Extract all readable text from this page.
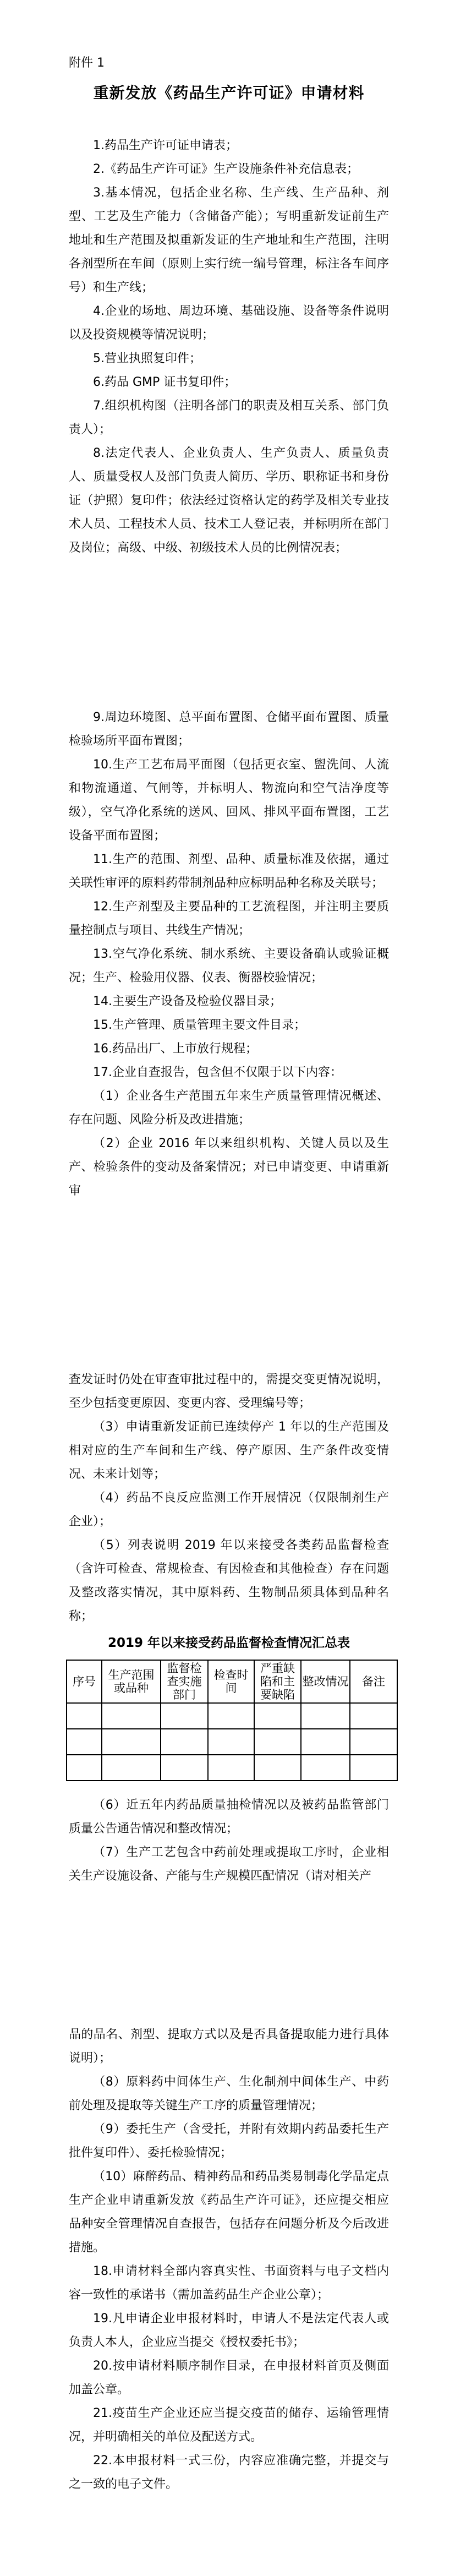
附件 1
重新发放《药品生产许可证》申请材料

1.药品生产许可证申请表；

2.《药品生产许可证》生产设施条件补充信息表；

3.基本情况，包括企业名称、生产线、生产品种、剂型、工艺及生产能力（含储备产能）；写明重新发证前生产地址和生产范围及拟重新发证的生产地址和生产范围，注明各剂型所在车间（原则上实行统一编号管理，标注各车间序号）和生产线；

4.企业的场地、周边环境、基础设施、设备等条件说明以及投资规模等情况说明；

5.营业执照复印件；

6.药品 GMP 证书复印件；

7.组织机构图（注明各部门的职责及相互关系、部门负责人）；

8.法定代表人、企业负责人、生产负责人、质量负责人、质量受权人及部门负责人简历、学历、职称证书和身份证（护照）复印件；依法经过资格认定的药学及相关专业技术人员、工程技术人员、技术工人登记表，并标明所在部门及岗位；高级、中级、初级技术人员的比例情况表；

9.周边环境图、总平面布置图、仓储平面布置图、质量检验场所平面布置图；

10.生产工艺布局平面图（包括更衣室、盥洗间、人流和物流通道、气闸等，并标明人、物流向和空气洁净度等级），空气净化系统的送风、回风、排风平面布置图，工艺设备平面布置图；

11.生产的范围、剂型、品种、质量标准及依据，通过关联性审评的原料药带制剂品种应标明品种名称及关联号；

12.生产剂型及主要品种的工艺流程图，并注明主要质量控制点与项目、共线生产情况；

13.空气净化系统、制水系统、主要设备确认或验证概况；生产、检验用仪器、仪表、衡器校验情况；

14.主要生产设备及检验仪器目录；

15.生产管理、质量管理主要文件目录；

16.药品出厂、上市放行规程；

17.企业自查报告，包含但不仅限于以下内容：

（1）企业各生产范围五年来生产质量管理情况概述、存在问题、风险分析及改进措施；

（2）企业 2016 年以来组织机构、关键人员以及生产、检验条件的变动及备案情况；对已申请变更、申请重新审

查发证时仍处在审查审批过程中的，需提交变更情况说明，至少包括变更原因、变更内容、受理编号等；

（3）申请重新发证前已连续停产 1 年以的生产范围及相对应的生产车间和生产线、停产原因、生产条件改变情况、未来计划等；

（4）药品不良反应监测工作开展情况（仅限制剂生产企业）；

（5）列表说明 2019 年以来接受各类药品监督检查（含许可检查、常规检查、有因检查和其他检查）存在问题及整改落实情况，其中原料药、生物制品须具体到品种名称；

2019 年以来接受药品监督检查情况汇总表
序号	生产范围或品种	监督检查实施部门	检查时间	严重缺陷和主要缺陷	整改情况	备注

（6）近五年内药品质量抽检情况以及被药品监管部门质量公告通告情况和整改情况；

（7）生产工艺包含中药前处理或提取工序时，企业相关生产设施设备、产能与生产规模匹配情况（请对相关产

品的品名、剂型、提取方式以及是否具备提取能力进行具体说明）；

（8）原料药中间体生产、生化制剂中间体生产、中药前处理及提取等关键生产工序的质量管理情况；

（9）委托生产（含受托，并附有效期内药品委托生产批件复印件）、委托检验情况；

（10）麻醉药品、精神药品和药品类易制毒化学品定点生产企业申请重新发放《药品生产许可证》，还应提交相应品种安全管理情况自查报告，包括存在问题分析及今后改进措施。

18.申请材料全部内容真实性、书面资料与电子文档内容一致性的承诺书（需加盖药品生产企业公章）；

19.凡申请企业申报材料时，申请人不是法定代表人或负责人本人，企业应当提交《授权委托书》；

20.按申请材料顺序制作目录，在申报材料首页及侧面加盖公章。

21.疫苗生产企业还应当提交疫苗的储存、运输管理情况，并明确相关的单位及配送方式。

22.本申报材料一式三份，内容应准确完整，并提交与之一致的电子文件。
